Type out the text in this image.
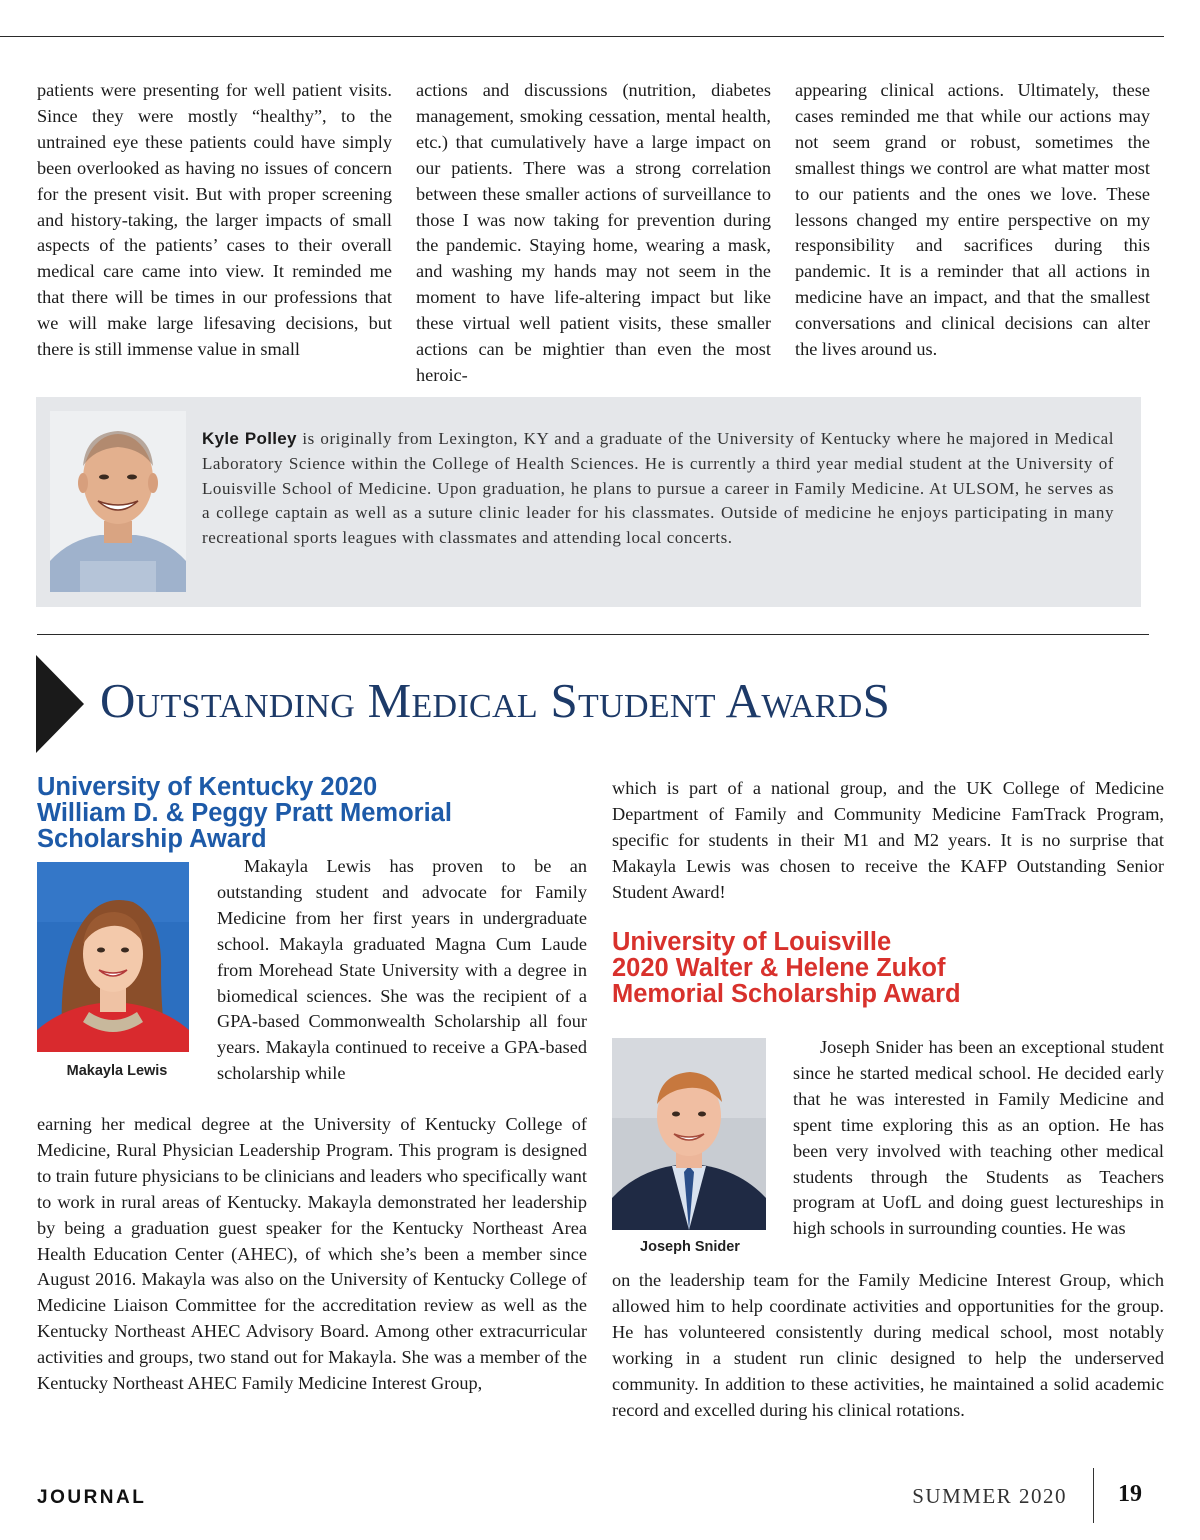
patients were presenting for well patient visits. Since they were mostly “healthy”, to the untrained eye these patients could have simply been overlooked as having no issues of concern for the present visit. But with proper screening and history-taking, the larger impacts of small aspects of the patients’ cases to their overall medical care came into view. It reminded me that there will be times in our professions that we will make large lifesaving decisions, but there is still immense value in small

actions and discussions (nutrition, diabetes management, smoking cessation, mental health, etc.) that cumulatively have a large impact on our patients. There was a strong correlation between these smaller actions of surveillance to those I was now taking for prevention during the pandemic. Staying home, wearing a mask, and washing my hands may not seem in the moment to have life-altering impact but like these virtual well patient visits, these smaller actions can be mightier than even the most heroic-

appearing clinical actions. Ultimately, these cases reminded me that while our actions may not seem grand or robust, sometimes the smallest things we control are what matter most to our patients and the ones we love. These lessons changed my entire perspective on my responsibility and sacrifices during this pandemic. It is a reminder that all actions in medicine have an impact, and that the smallest conversations and clinical decisions can alter the lives around us.

Kyle Polley is originally from Lexington, KY and a graduate of the University of Kentucky where he majored in Medical Laboratory Science within the College of Health Sciences. He is currently a third year medial student at the University of Louisville School of Medicine. Upon graduation, he plans to pursue a career in Family Medicine. At ULSOM, he serves as a college captain as well as a suture clinic leader for his classmates. Outside of medicine he enjoys participating in many recreational sports leagues with classmates and attending local concerts.
Outstanding Medical Student AwardS
University of Kentucky 2020
William D. & Peggy Pratt Memorial
Scholarship Award
Makayla Lewis

Makayla Lewis has proven to be an outstanding student and advocate for Family Medicine from her first years in undergraduate school. Makayla graduated Magna Cum Laude from Morehead State University with a degree in biomedical sciences. She was the recipient of a GPA-based Commonwealth Scholarship all four years. Makayla continued to receive a GPA-based scholarship while

earning her medical degree at the University of Kentucky College of Medicine, Rural Physician Leadership Program. This program is designed to train future physicians to be clinicians and leaders who specifically want to work in rural areas of Kentucky. Makayla demonstrated her leadership by being a graduation guest speaker for the Kentucky Northeast Area Health Education Center (AHEC), of which she’s been a member since August 2016. Makayla was also on the University of Kentucky College of Medicine Liaison Committee for the accreditation review as well as the Kentucky Northeast AHEC Advisory Board. Among other extracurricular activities and groups, two stand out for Makayla. She was a member of the Kentucky Northeast AHEC Family Medicine Interest Group,

which is part of a national group, and the UK College of Medicine Department of Family and Community Medicine FamTrack Program, specific for students in their M1 and M2 years. It is no surprise that Makayla Lewis was chosen to receive the KAFP Outstanding Senior Student Award!

University of Louisville
2020 Walter & Helene Zukof
Memorial Scholarship Award
Joseph Snider

Joseph Snider has been an exceptional student since he started medical school. He decided early that he was interested in Family Medicine and spent time exploring this as an option. He has been very involved with teaching other medical students through the Students as Teachers program at UofL and doing guest lectureships in high schools in surrounding counties. He was

on the leadership team for the Family Medicine Interest Group, which allowed him to help coordinate activities and opportunities for the group. He has volunteered consistently during medical school, most notably working in a student run clinic designed to help the underserved community. In addition to these activities, he maintained a solid academic record and excelled during his clinical rotations.

JOURNAL	SUMMER 2020 19
